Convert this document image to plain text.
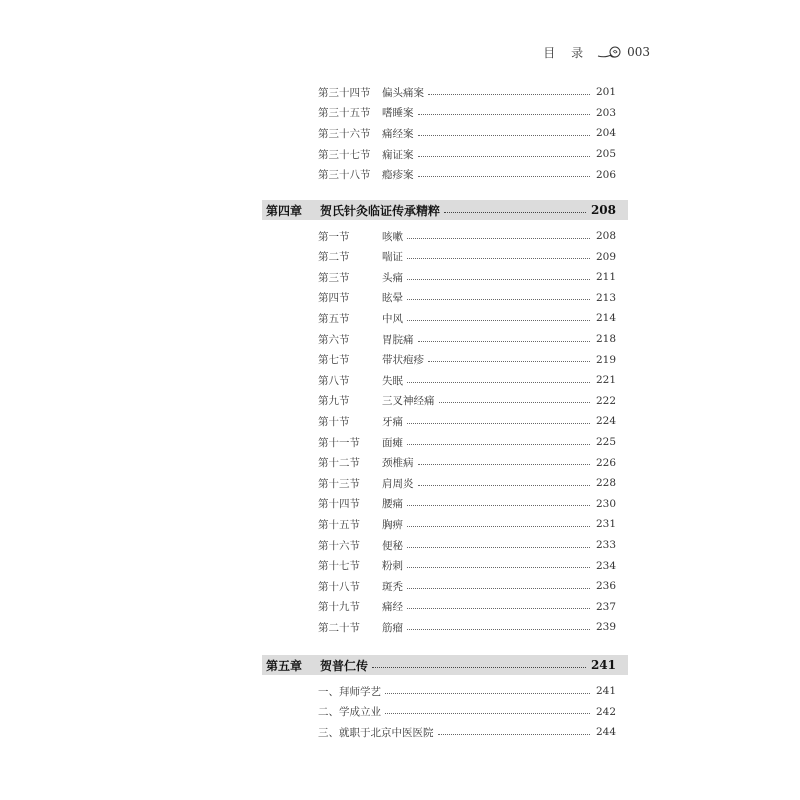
目 录	003
第三十四节	偏头痛案	201
第三十五节	嗜睡案	203
第三十六节	痛经案	204
第三十七节	痫证案	205
第三十八节	瘾疹案	206
第四章	贺氏针灸临证传承精粹	208
第一节	咳嗽	208
第二节	喘证	209
第三节	头痛	211
第四节	眩晕	213
第五节	中风	214
第六节	胃脘痛	218
第七节	带状疱疹	219
第八节	失眠	221
第九节	三叉神经痛	222
第十节	牙痛	224
第十一节	面瘫	225
第十二节	颈椎病	226
第十三节	肩周炎	228
第十四节	腰痛	230
第十五节	胸痹	231
第十六节	便秘	233
第十七节	粉刺	234
第十八节	斑秃	236
第十九节	痛经	237
第二十节	筋瘤	239
第五章	贺普仁传	241
一、拜师学艺	241
二、学成立业	242
三、就职于北京中医医院	244
